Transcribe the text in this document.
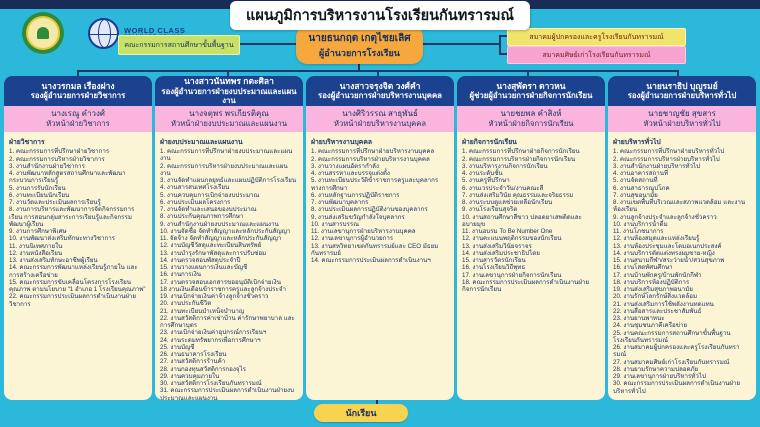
แผนภูมิการบริหารงานโรงเรียนกันทรารมณ์
WORLD CLASS
คณะกรรมการสถานศึกษาขั้นพื้นฐาน
นายธนกฤต เกตุไชยเลิศ
ผู้อำนวยการโรงเรียน
สมาคมผู้ปกครองและครูโรงเรียนกันทรารมณ์
สมาคมศิษย์เก่าโรงเรียนกันทรารมณ์
นางวรกมล เรืองฝาง
รองผู้อำนวยการฝ่ายวิชาการ
นางเรณู คำวงศ์
หัวหน้าฝ่ายวิชาการ
ฝ่ายวิชาการ
1. คณะกรรมการที่ปรึกษาฝ่ายวิชาการ
2. คณะกรรมการบริหารฝ่ายวิชาการ
3. งานสำนักงานฝ่ายวิชาการ
4. งานพัฒนาหลักสูตรสถานศึกษาและพัฒนากระบวนการเรียนรู้
5. งานการรับนักเรียน
6. งานทะเบียนนักเรียน
7. งานวัดและประเมินผลการเรียนรู้
8. งานการบริหารและพัฒนาการจัดกิจกรรมการเรียน การสอนกลุ่มสาระการเรียนรู้และกิจกรรมพัฒนาผู้เรียน
9. งานการศึกษาพิเศษ
10. งานพัฒนาส่งเสริมทักษะทางวิชาการ
11. งานนิเทศภายใน
12. งานหนังสือเรียน
13. งานส่งเสริมทักษะอาชีพผู้เรียน
14. คณะกรรมการพัฒนาแหล่งเรียนรู้ภายใน และการสร้างเครือข่าย
15. คณะกรรมการขับเคลื่อนโครงการโรงเรียนคุณภาพ ตามนโยบาย “1 อำเภอ 1 โรงเรียนคุณภาพ”
22. คณะกรรมการประเมินผลการดำเนินงานฝ่ายวิชาการ
นางสาวนันทพร กตะศิลา
รองผู้อำนวยการฝ่ายงบประมาณและแผนงาน
นางจตุพร พรเกียรติคุณ
หัวหน้าฝ่ายงบประมาณและแผนงาน
ฝ่ายงบประมาณและแผนงาน
1. คณะกรรมการที่ปรึกษาฝ่ายงบประมาณและแผนงาน
2. คณะกรรมการบริหารฝ่ายงบประมาณและแผนงาน
3. งานจัดทำแผนกลยุทธ์และแผนปฏิบัติการโรงเรียน
4. งานสารสนเทศโรงเรียน
5. งานควบคุมการเบิกจ่ายงบประมาณ
6. งานประเมินผลโครงการ
7. งานจัดทำและเสนอของบประมาณ
8. งานประกันคุณภาพการศึกษา
9. งานสำนักงานฝ่ายงบประมาณและแผนงาน
10. งานจัดซื้อ จัดทำสัญญาและหลักประกันสัญญา
11. จัดจ้าง จัดทำสัญญาและหลักประกันสัญญา
12. งานบัญชีวัสดุและทะเบียนสินทรัพย์
13. งานบำรุงรักษาพัสดุและการปรับซ่อม
14. งานตรวจสอบพัสดุประจำปี
15. งานวางแผนการเงินและบัญชี
16. งานการเงิน
17. งานตรวจสอบเอกสารขออนุมัติเบิกจ่ายเงิน
18 งานเงินเดือนข้าราชการครูและลูกจ้างประจำ
19. งานเบิกจ่ายเงินค่าจ้างลูกจ้างชั่วคราว
20. งานประกันชีวิต
21. งานทะเบียนบำเหน็จบำนาญ
22. งานสวัสดิการค่าเช่าบ้าน ค่ารักษาพยาบาล และการศึกษาบุตร
23. งานเบิกจ่ายเงินค่าอุปกรณ์การเรียนฯ
24. งานระดมทรัพยากรเพื่อการศึกษาฯ
25. งานบัญชี
26. งานธนาคารโรงเรียน
27. งานสวัสดิการร้านค้า
28. งานกองทุนสวัสดิการกองจุไร
29. งานควบคุมภายใน
30. งานสวัสดิการโรงเรียนกันทรารมณ์
31. คณะกรรมการประเมินผลการดำเนินงานฝ่ายงบประมาณและแผนงาน
นางสาวจรุงจิต วงศ์คำ
รองผู้อำนวยการฝ่ายบริหารงานบุคคล
นางศิริวรรณ สาธุพันธ์
หัวหน้าฝ่ายบริหารงานบุคคล
ฝ่ายบริหารงานบุคคล
1. คณะกรรมการที่ปรึกษาฝ่ายบริหารงานบุคคล
2. คณะกรรมการบริหารฝ่ายบริหารงานบุคคล
3. งานวางแผนอัตรากำลัง
4. งานสรรหาและบรรจุแต่งตั้ง
5. งานทะเบียนประวัติข้าราชการครูและบุคลากรทางการศึกษา
6. งานหลักฐานการปฏิบัติราชการ
7. งานพัฒนาบุคลากร
8. งานประเมินผลการปฏิบัติงานของบุคลากร
9. งานส่งเสริมขวัญกำลังใจบุคลากร
10. งานสารบรรณ
11. งานเลขานุการฝ่ายบริหารงานบุคคล
12. งานเลขานุการผู้อำนวยการ
13. งานสหวิทยาเขตกันทรารมย์และ CEO มัธยมกันทรารมย์
14. คณะกรรมการประเมินผลการดำเนินงานฯ
นางสุพัตรา ดาวหน
ผู้ช่วยผู้อำนวยการฝ่ายกิจการนักเรียน
นายชยพล คำสิงห์
หัวหน้าฝ่ายกิจการนักเรียน
ฝ่ายกิจการนักเรียน
1. คณะกรรมการที่ปรึกษาฝ่ายกิจการนักเรียน
2. คณะกรรมการบริหารฝ่ายกิจการนักเรียน
3. งานบริหารงานกิจการนักเรียน
4. งานระดับชั้น
5. งานครูที่ปรึกษา
6. งานเวรประจำวัน/งานคณะสี
7. งานส่งเสริมวินัย คุณธรรมและจริยธรรม
8. งานระบบดูแลช่วยเหลือนักเรียน
9. งานโรงเรียนสุจริต
10. งานสถานศึกษาสีขาว ปลอดยาเสพติดและอบายมุข
11. งานอบรม To Be Number One
12. งานคะแนนพฤติกรรมของนักเรียน
13. งานส่งเสริมวินัยจราจร
14. งานส่งเสริมประชาธิปไตย
15. งานสารวัตรนักเรียน
16. งานโรงเรียนวิถีพุทธ
17. งานเลขานุการฝ่ายกิจการนักเรียน
18. คณะกรรมการประเมินผลการดำเนินงานฝ่ายกิจการนักเรียน
นายนราธิป บุญรมย์
รองผู้อำนวยการฝ่ายบริหารทั่วไป
นายชาญชัย สุขสาร
หัวหน้าฝ่ายบริหารทั่วไป
ฝ่ายบริหารทั่วไป
1. คณะกรรมการที่ปรึกษาฝ่ายบริหารทั่วไป
2. คณะกรรมการบริหารฝ่ายบริหารทั่วไป
3. งานสำนักงานฝ่ายบริหารทั่วไป
4. งานอาคารสถานที่
5. งานจัดสถานที่
6. งานสาธารณูปโภค
7. งานสุขอนามัย
8. งานเขตพื้นที่บริเวณและสภาพแวดล้อม และงานห้องเรียน
9. งานลูกจ้างประจำและลูกจ้างชั่วคราว
10. งานบริการน้ำดื่ม
11. งานโภชนาการ
12. งานห้องสมุดและแหล่งเรียนรู้
13. งานห้องประชุมและโดมอเนกประสงค์
14. งานบริการตัดแต่งทรงผมชาย-หญิง
15. งานสนามกีฬา/สระว่ายน้ำ/สวนสุขภาพ
16. งานโสตทัศนศึกษา
17. งานบ้านพักครู/บ้านพักนักกีฬา
18. งานบริการห้องปฏิบัติการ
19. งานส่งเสริมสุขภาพอนามัย
20. งานรักษ์โลกรักษ์สิ่งแวดล้อม
21. งานส่งเสริมการใช้พลังงานทดแทน
22. งานสื่อสารและประชาสัมพันธ์
23. งานยานพาหนะ
24. งานชุมชนภาคีเครือข่าย
25. งานคณะกรรมการสถานศึกษาขั้นพื้นฐานโรงเรียนกันทรารมณ์
26. งานสมาคมผู้ปกครองและครูโรงเรียนกันทรารมณ์
27. งานสมาคมศิษย์เก่าโรงเรียนกันทรารมณ์
28. งานยามรักษาความปลอดภัย
29. งานเลขานุการฝ่ายบริหารทั่วไป
30. คณะกรรมการประเมินผลการดำเนินงานฝ่ายบริหารทั่วไป
นักเรียน
